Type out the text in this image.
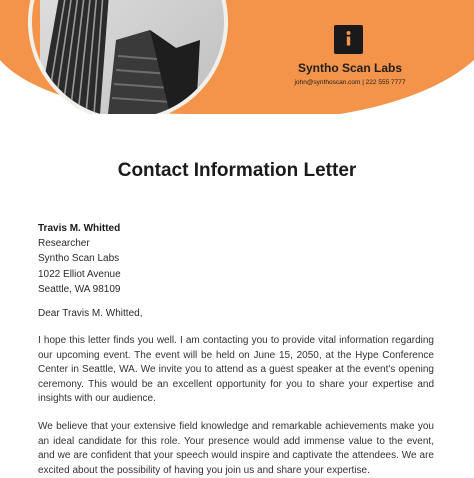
Syntho Scan Labs
john@synthoscan.com | 222 555 7777
Contact Information Letter
Travis M. Whitted
Researcher
Syntho Scan Labs
1022 Elliot Avenue
Seattle, WA 98109
Dear Travis M. Whitted,

I hope this letter finds you well. I am contacting you to provide vital information regarding our upcoming event. The event will be held on June 15, 2050, at the Hype Conference Center in Seattle, WA. We invite you to attend as a guest speaker at the event's opening ceremony. This would be an excellent opportunity for you to share your expertise and insights with our audience.

We believe that your extensive field knowledge and remarkable achievements make you an ideal candidate for this role. Your presence would add immense value to the event, and we are confident that your speech would inspire and captivate the attendees. We are excited about the possibility of having you join us and share your expertise.
